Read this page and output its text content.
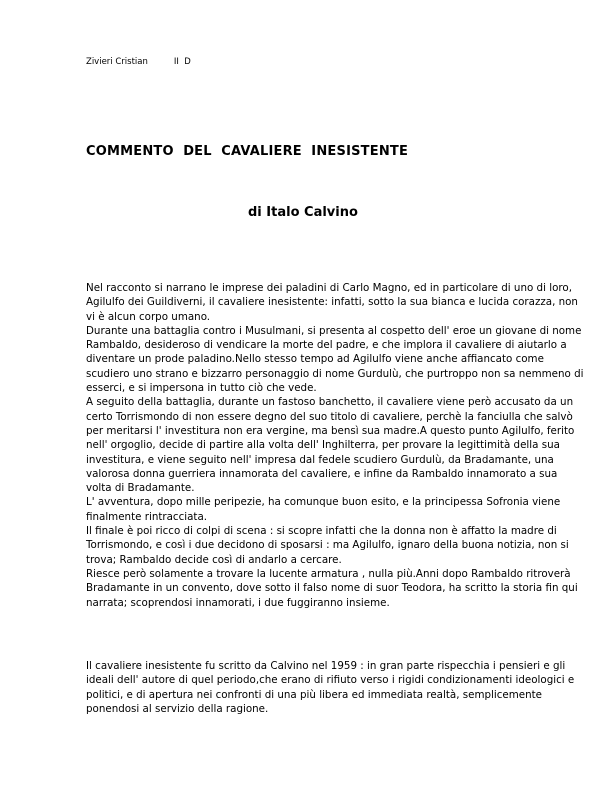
Zivieri Cristian	II  D
COMMENTO  DEL  CAVALIERE  INESISTENTE
di Italo Calvino

Nel racconto si narrano le imprese dei paladini di Carlo Magno, ed in particolare di uno di loro, Agilulfo dei Guildiverni, il cavaliere inesistente: infatti, sotto la sua bianca e lucida corazza, non vi è alcun corpo umano.

Durante una battaglia contro i Musulmani, si presenta al cospetto dell' eroe un giovane di nome Rambaldo, desideroso di vendicare la morte del padre, e che implora il cavaliere di aiutarlo a diventare un prode paladino.Nello stesso tempo ad Agilulfo viene anche affiancato come scudiero uno strano e bizzarro personaggio di nome Gurdulù, che purtroppo non sa nemmeno di esserci, e si impersona in tutto ciò che vede.

A seguito della battaglia, durante un fastoso banchetto, il cavaliere viene però accusato da un certo Torrismondo di non essere degno del suo titolo di cavaliere, perchè la fanciulla che salvò per meritarsi l' investitura non era vergine, ma bensì sua madre.A questo punto Agilulfo, ferito nell' orgoglio, decide di partire alla volta dell' Inghilterra, per provare la legittimità della sua investitura, e viene seguito nell' impresa dal fedele scudiero Gurdulù, da Bradamante, una valorosa donna guerriera innamorata del cavaliere, e infine da Rambaldo innamorato a sua volta di Bradamante.

L' avventura, dopo mille peripezie, ha comunque buon esito, e la principessa Sofronia viene finalmente rintracciata.

Il finale è poi ricco di colpi di scena : si scopre infatti che la donna non è affatto la madre di Torrismondo, e così i due decidono di sposarsi : ma Agilulfo, ignaro della buona notizia, non si trova; Rambaldo decide così di andarlo a cercare.

Riesce però solamente a trovare la lucente armatura , nulla più.Anni dopo Rambaldo ritroverà Bradamante in un convento, dove sotto il falso nome di suor Teodora, ha scritto la storia fin qui narrata; scoprendosi innamorati, i due fuggiranno insieme.

Il cavaliere inesistente fu scritto da Calvino nel 1959 : in gran parte rispecchia i pensieri e gli ideali dell' autore di quel periodo,che erano di rifiuto verso i rigidi condizionamenti ideologici e politici, e di apertura nei confronti di una più libera ed immediata realtà, semplicemente ponendosi al servizio della ragione.
